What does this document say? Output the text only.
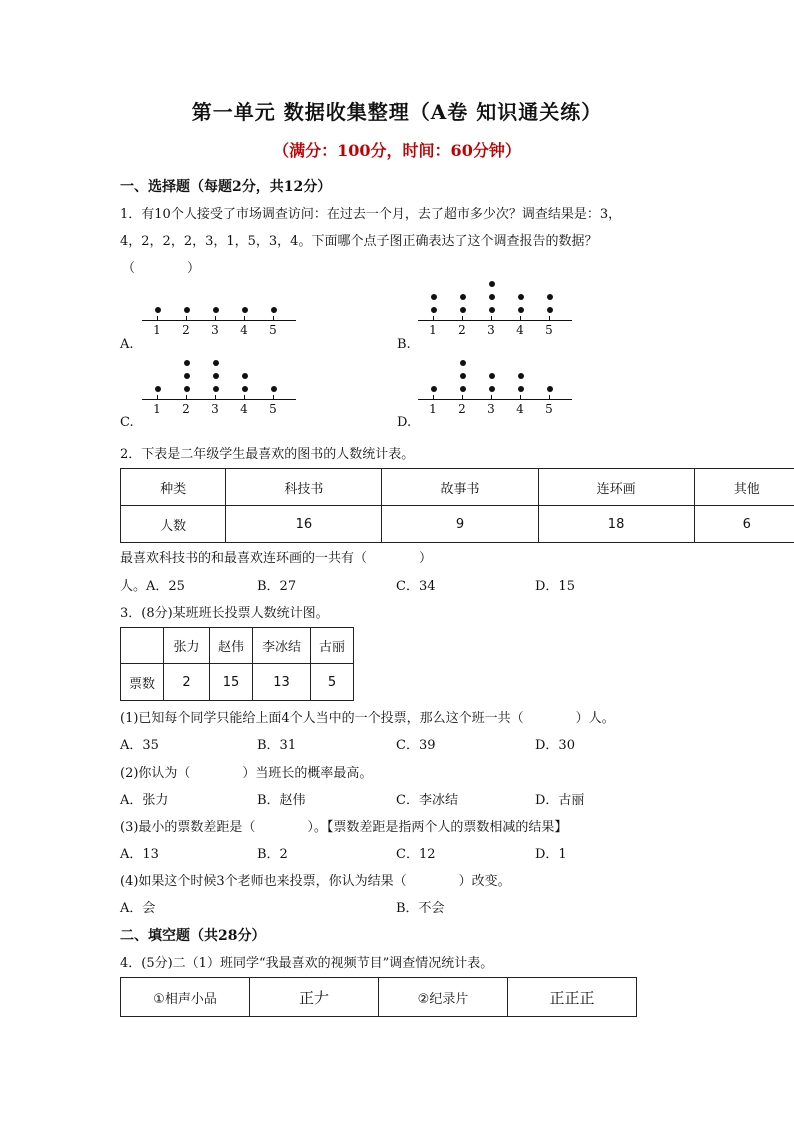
第一单元 数据收集整理（A卷 知识通关练）
（满分：100分，时间：60分钟）
一、选择题（每题2分，共12分）
1．有10个人接受了市场调查访问：在过去一个月，去了超市多少次？调查结果是：3，
4，2，2，2，3，1，5，3，4。下面哪个点子图正确表达了这个调查报告的数据？
（　　　　）
1 2 3 4 5	1 2 3 4 5
1 2 3 4 5	1 2 3 4 5
A.	B.
C.	D.
2．下表是二年级学生最喜欢的图书的人数统计表。
种类	科技书	故事书	连环画	其他
人数	16	9	18	6
最喜欢科技书的和最喜欢连环画的一共有（　　　　）
人。 A．25	B．27	C．34	D．15
3．(8分)某班班长投票人数统计图。
	张力	赵伟	李冰结	古丽
票数	2	15	13	5
(1)已知每个同学只能给上面4个人当中的一个投票，那么这个班一共（　　　　）人。
A．35	B．31	C．39	D．30
(2)你认为（　　　　）当班长的概率最高。
A．张力	B．赵伟	C．李冰结	D．古丽
(3)最小的票数差距是（　　　　）。【票数差距是指两个人的票数相减的结果】
A．13	B．2	C．12	D．1
(4)如果这个时候3个老师也来投票，你认为结果（　　　　）改变。
A．会	B．不会
二、填空题（共28分）
4．(5分)二（1）班同学“我最喜欢的视频节目”调查情况统计表。
①相声小品	正𠂇	②纪录片	正正正
